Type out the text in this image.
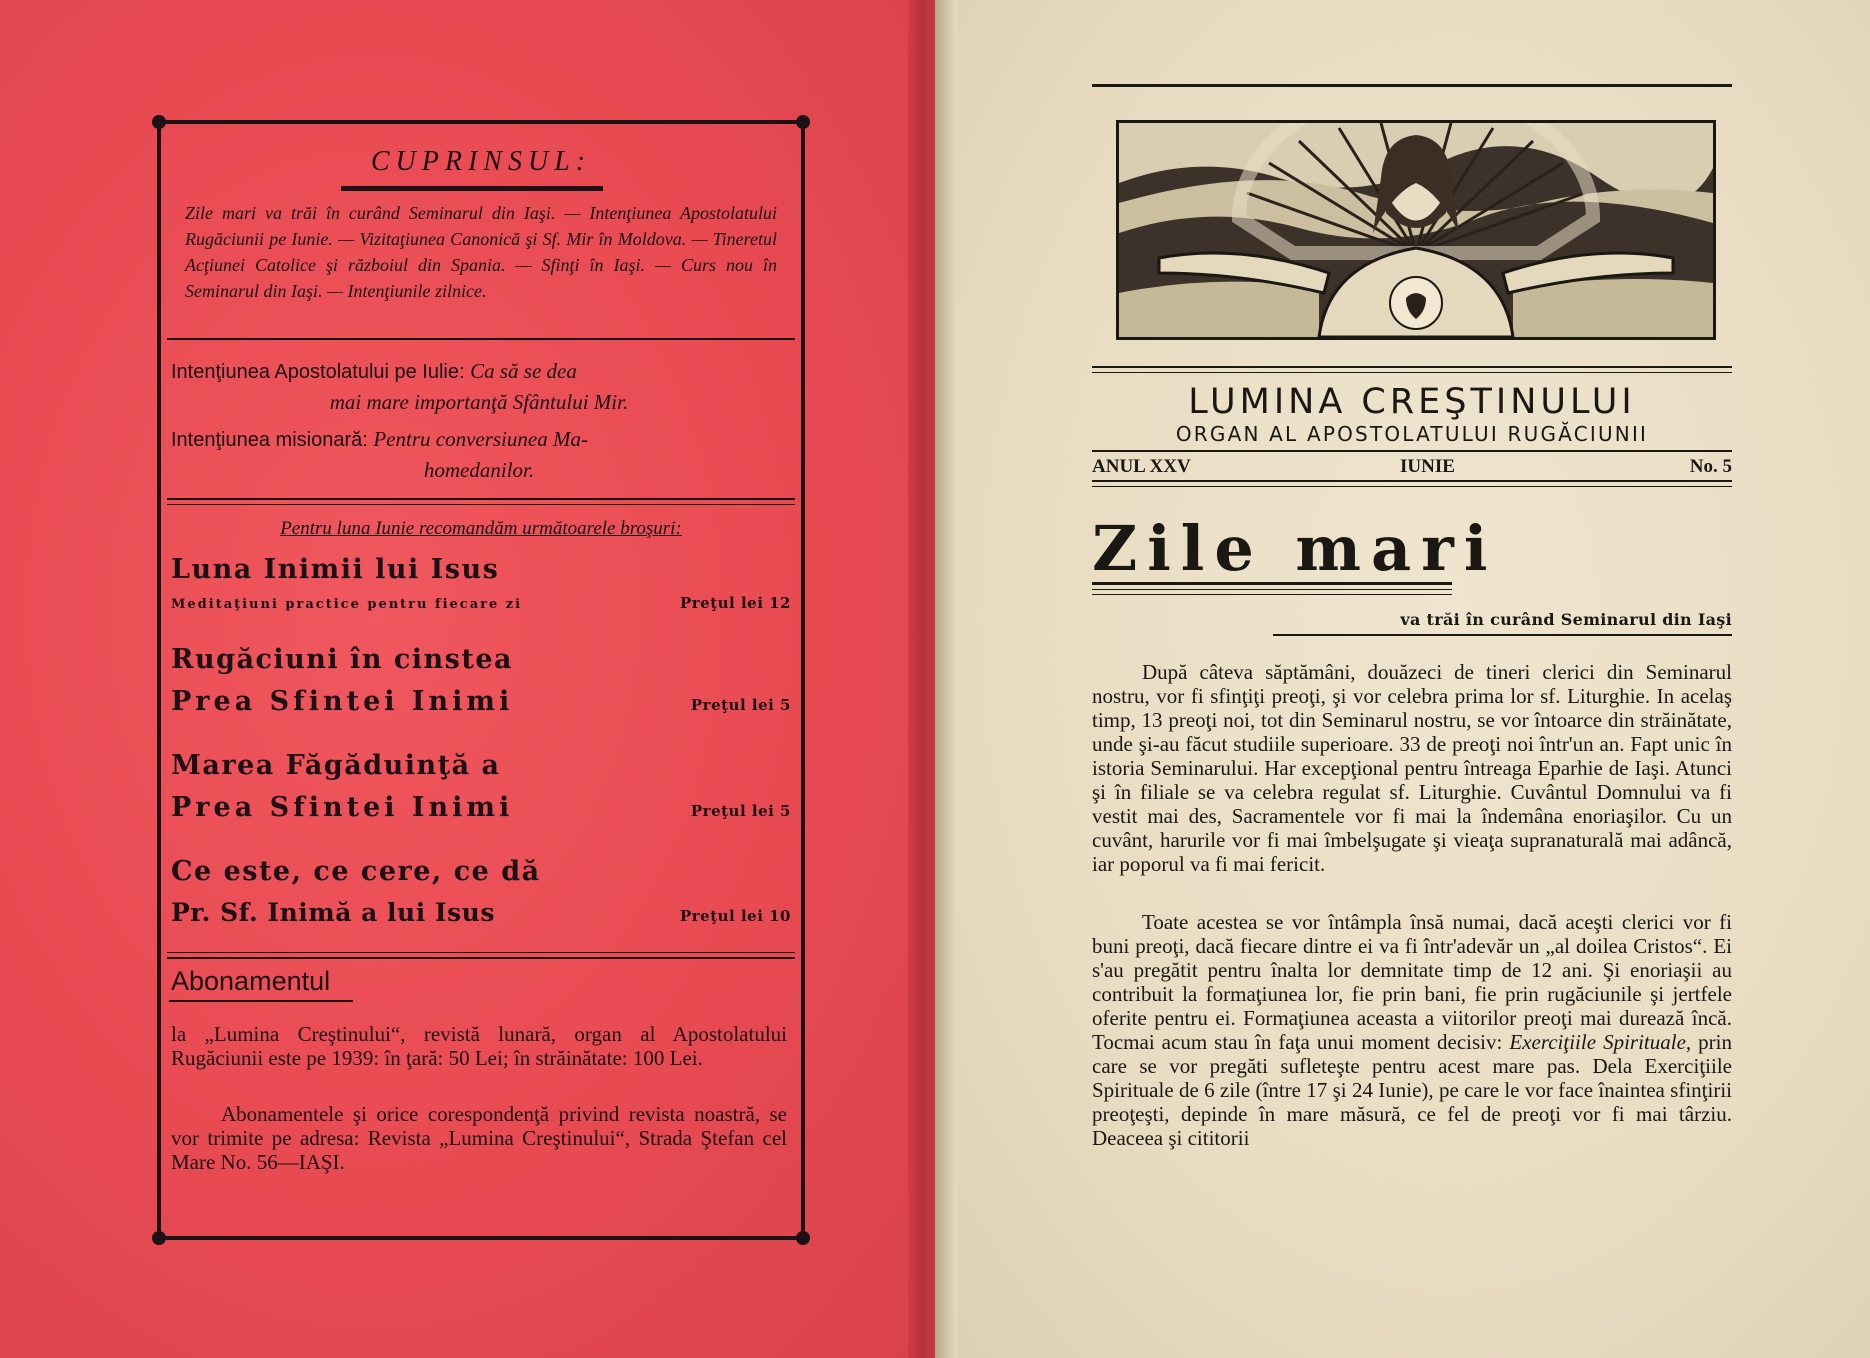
CUPRINSUL:
Zile mari va trăi în curând Seminarul din Iaşi. — Intenţiunea Apostolatului Rugăciunii pe Iunie. — Vizitaţiunea Canonică şi Sf. Mir în Moldova. — Tineretul Acţiunei Catolice şi războiul din Spania. — Sfinţi în Iaşi. — Curs nou în Seminarul din Iaşi. — Intenţiunile zilnice.
Intenţiunea Apostolatului pe Iulie: Ca să se dea
mai mare importanţă Sfântului Mir.
Intenţiunea misionară: Pentru conversiunea Ma-
homedanilor.
Pentru luna Iunie recomandăm următoarele broşuri:
Luna Inimii lui Isus
Meditaţiuni practice pentru fiecare zi	Preţul lei 12
Rugăciuni în cinstea
Prea Sfintei Inimi	Preţul lei 5
Marea Făgăduinţă a
Prea Sfintei Inimi	Preţul lei 5
Ce este, ce cere, ce dă
Pr. Sf. Inimă a lui Isus	Preţul lei 10
Abonamentul
la „Lumina Creştinului“, revistă lunară, organ al Apostolatului Rugăciunii este pe 1939: în ţară: 50 Lei; în străinătate: 100 Lei.
Abonamentele şi orice corespondenţă privind revista noastră, se vor trimite pe adresa: Revista „Lumina Creştinului“, Strada Ştefan cel Mare No. 56—IAŞI.
LUMINA CREŞTINULUI
ORGAN AL APOSTOLATULUI RUGĂCIUNII
ANUL XXV	IUNIE	No. 5
Zile mari
va trăi în curând Seminarul din Iaşi
După câteva săptămâni, douăzeci de tineri clerici din Seminarul nostru, vor fi sfinţiţi preoţi, şi vor celebra prima lor sf. Liturghie. In acelaş timp, 13 preoţi noi, tot din Seminarul nostru, se vor întoarce din străinătate, unde şi-au făcut studiile superioare. 33 de preoţi noi într'un an. Fapt unic în istoria Seminarului. Har excepţional pentru întreaga Eparhie de Iaşi. Atunci şi în filiale se va celebra regulat sf. Liturghie. Cuvântul Domnului va fi vestit mai des, Sacramentele vor fi mai la îndemâna enoriaşilor. Cu un cuvânt, harurile vor fi mai îmbelşugate şi vieaţa supranaturală mai adâncă, iar poporul va fi mai fericit.
Toate acestea se vor întâmpla însă numai, dacă aceşti clerici vor fi buni preoţi, dacă fiecare dintre ei va fi într'adevăr un „al doilea Cristos“. Ei s'au pregătit pentru înalta lor demnitate timp de 12 ani. Şi enoriaşii au contribuit la formaţiunea lor, fie prin bani, fie prin rugăciunile şi jertfele oferite pentru ei. Formaţiunea aceasta a viitorilor preoţi mai durează încă. Tocmai acum stau în faţa unui moment decisiv: Exerciţiile Spirituale, prin care se vor pregăti sufleteşte pentru acest mare pas. Dela Exerciţiile Spirituale de 6 zile (între 17 şi 24 Iunie), pe care le vor face înaintea sfinţirii preoţeşti, depinde în mare măsură, ce fel de preoţi vor fi mai târziu. Deaceea şi cititorii
